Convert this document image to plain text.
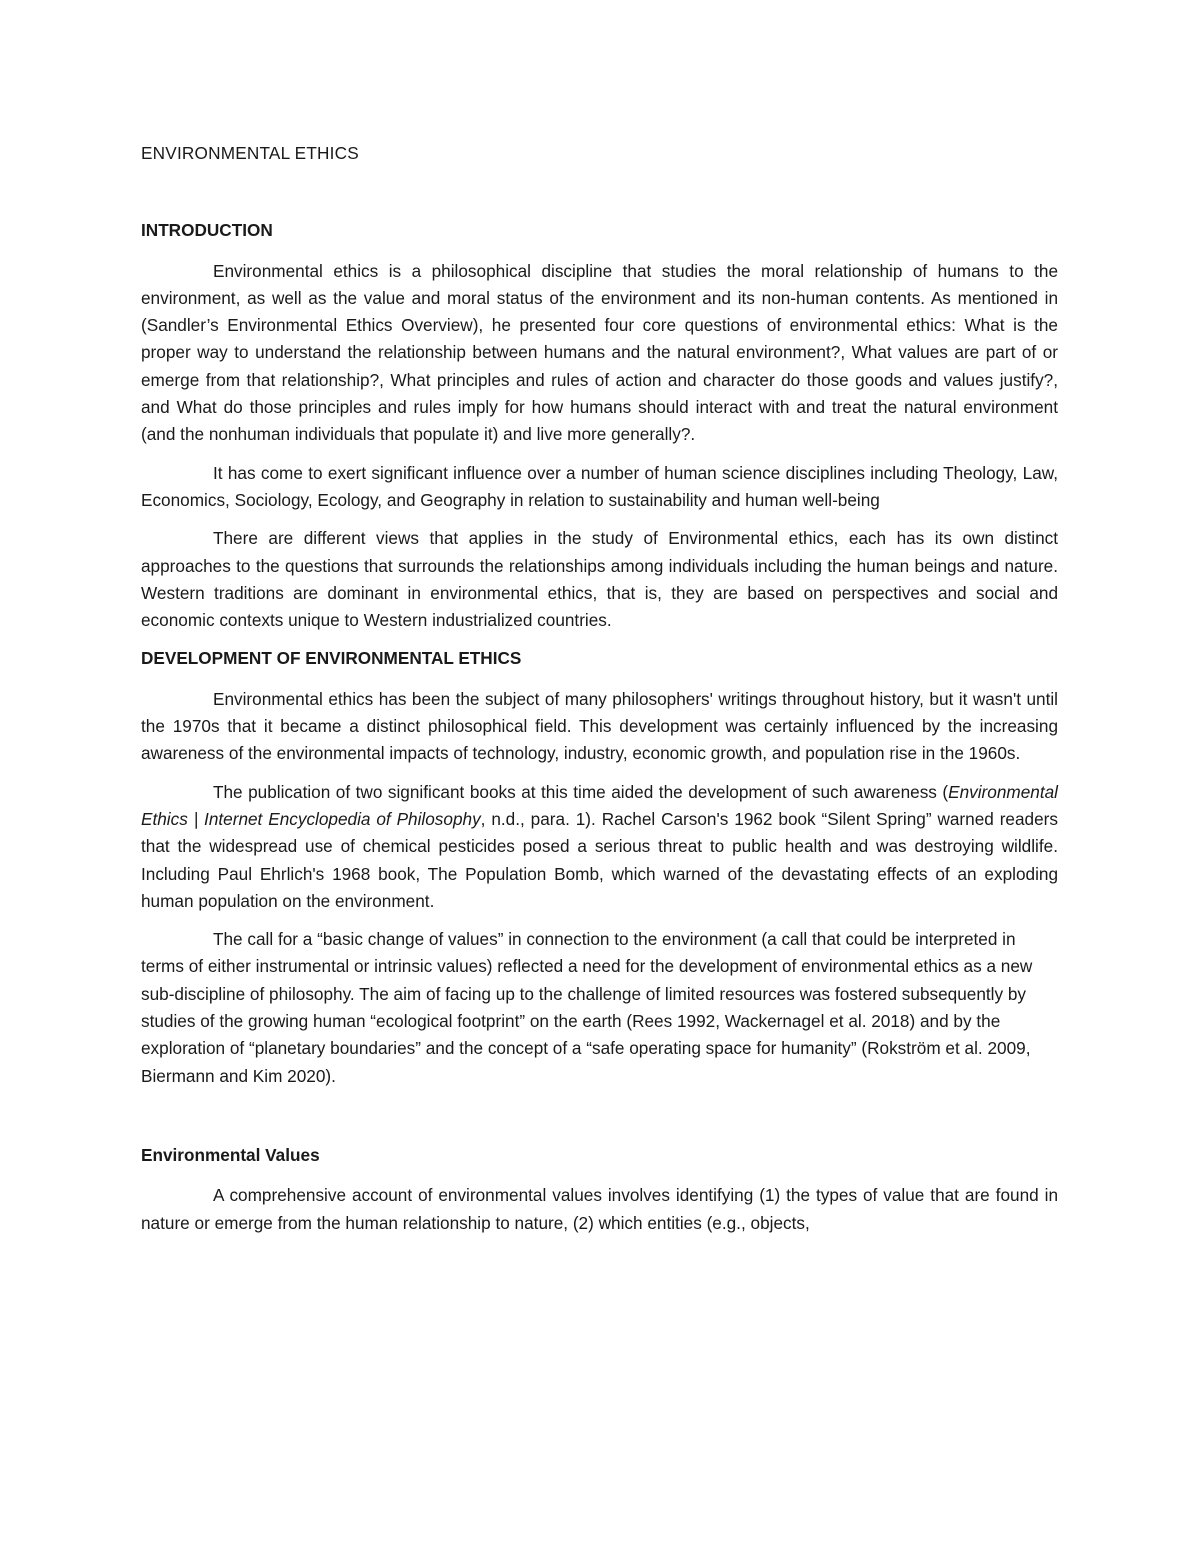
ENVIRONMENTAL ETHICS
INTRODUCTION

Environmental ethics is a philosophical discipline that studies the moral relationship of humans to the environment, as well as the value and moral status of the environment and its non-human contents. As mentioned in (Sandler’s Environmental Ethics Overview), he presented four core questions of environmental ethics: What is the proper way to understand the relationship between humans and the natural environment?, What values are part of or emerge from that relationship?, What principles and rules of action and character do those goods and values justify?, and What do those principles and rules imply for how humans should interact with and treat the natural environment (and the nonhuman individuals that populate it) and live more generally?.

It has come to exert significant influence over a number of human science disciplines including Theology, Law, Economics, Sociology, Ecology, and Geography in relation to sustainability and human well-being

There are different views that applies in the study of Environmental ethics, each has its own distinct approaches to the questions that surrounds the relationships among individuals including the human beings and nature. Western traditions are dominant in environmental ethics, that is, they are based on perspectives and social and economic contexts unique to Western industrialized countries.

DEVELOPMENT OF ENVIRONMENTAL ETHICS

Environmental ethics has been the subject of many philosophers' writings throughout history, but it wasn't until the 1970s that it became a distinct philosophical field. This development was certainly influenced by the increasing awareness of the environmental impacts of technology, industry, economic growth, and population rise in the 1960s.

The publication of two significant books at this time aided the development of such awareness (Environmental Ethics | Internet Encyclopedia of Philosophy, n.d., para. 1). Rachel Carson's 1962 book “Silent Spring” warned readers that the widespread use of chemical pesticides posed a serious threat to public health and was destroying wildlife. Including Paul Ehrlich's 1968 book, The Population Bomb, which warned of the devastating effects of an exploding human population on the environment.

The call for a “basic change of values” in connection to the environment (a call that could be interpreted in terms of either instrumental or intrinsic values) reflected a need for the development of environmental ethics as a new sub-discipline of philosophy. The aim of facing up to the challenge of limited resources was fostered subsequently by studies of the growing human “ecological footprint” on the earth (Rees 1992, Wackernagel et al. 2018) and by the exploration of “planetary boundaries” and the concept of a “safe operating space for humanity” (Rokström et al. 2009, Biermann and Kim 2020).

Environmental Values

A comprehensive account of environmental values involves identifying (1) the types of value that are found in nature or emerge from the human relationship to nature, (2) which entities (e.g., objects,
